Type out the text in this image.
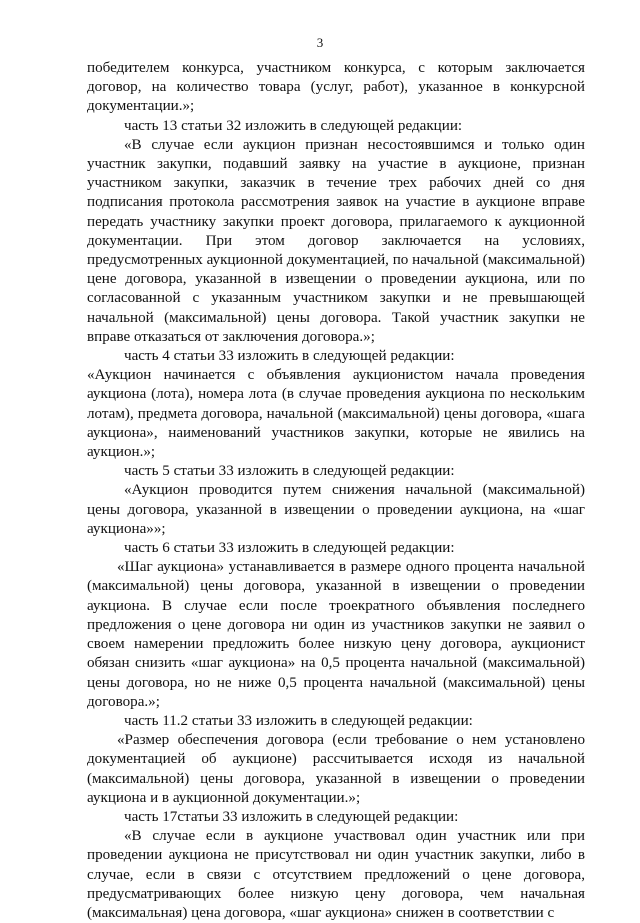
3

победителем конкурса, участником конкурса, с которым заключается договор, на количество товара (услуг, работ), указанное в конкурсной документации.»;

часть 13 статьи 32 изложить в следующей редакции:

«В случае если аукцион признан несостоявшимся и только один участник закупки, подавший заявку на участие в аукционе, признан участником закупки, заказчик в течение трех рабочих дней со дня подписания протокола рассмотрения заявок на участие в аукционе вправе передать участнику закупки проект договора, прилагаемого к аукционной документации. При этом договор заключается на условиях, предусмотренных аукционной документацией, по начальной (максимальной) цене договора, указанной в извещении о проведении аукциона, или по согласованной с указанным участником закупки и не превышающей начальной (максимальной) цены договора. Такой участник закупки не вправе отказаться от заключения договора.»;

часть 4 статьи 33 изложить в следующей редакции:

«Аукцион начинается с объявления аукционистом начала проведения аукциона (лота), номера лота (в случае проведения аукциона по нескольким лотам), предмета договора, начальной (максимальной) цены договора, «шага аукциона», наименований участников закупки, которые не явились на аукцион.»;

часть 5 статьи 33 изложить в следующей редакции:

«Аукцион проводится путем снижения начальной (максимальной) цены договора, указанной в извещении о проведении аукциона, на «шаг аукциона»»;

часть 6 статьи 33 изложить в следующей редакции:

«Шаг аукциона» устанавливается в размере одного процента начальной (максимальной) цены договора, указанной в извещении о проведении аукциона. В случае если после троекратного объявления последнего предложения о цене договора ни один из участников закупки не заявил о своем намерении предложить более низкую цену договора, аукционист обязан снизить «шаг аукциона» на 0,5 процента начальной (максимальной) цены договора, но не ниже 0,5 процента начальной (максимальной) цены договора.»;

часть 11.2 статьи 33 изложить в следующей редакции:

«Размер обеспечения договора (если требование о нем установлено документацией об аукционе) рассчитывается исходя из начальной (максимальной) цены договора, указанной в извещении о проведении аукциона и в аукционной документации.»;

часть 17статьи 33 изложить в следующей редакции:

«В случае если в аукционе участвовал один участник или при проведении аукциона не присутствовал ни один участник закупки, либо в случае, если в связи с отсутствием предложений о цене договора, предусматривающих более низкую цену договора, чем начальная (максимальная) цена договора, «шаг аукциона» снижен в соответствии с
